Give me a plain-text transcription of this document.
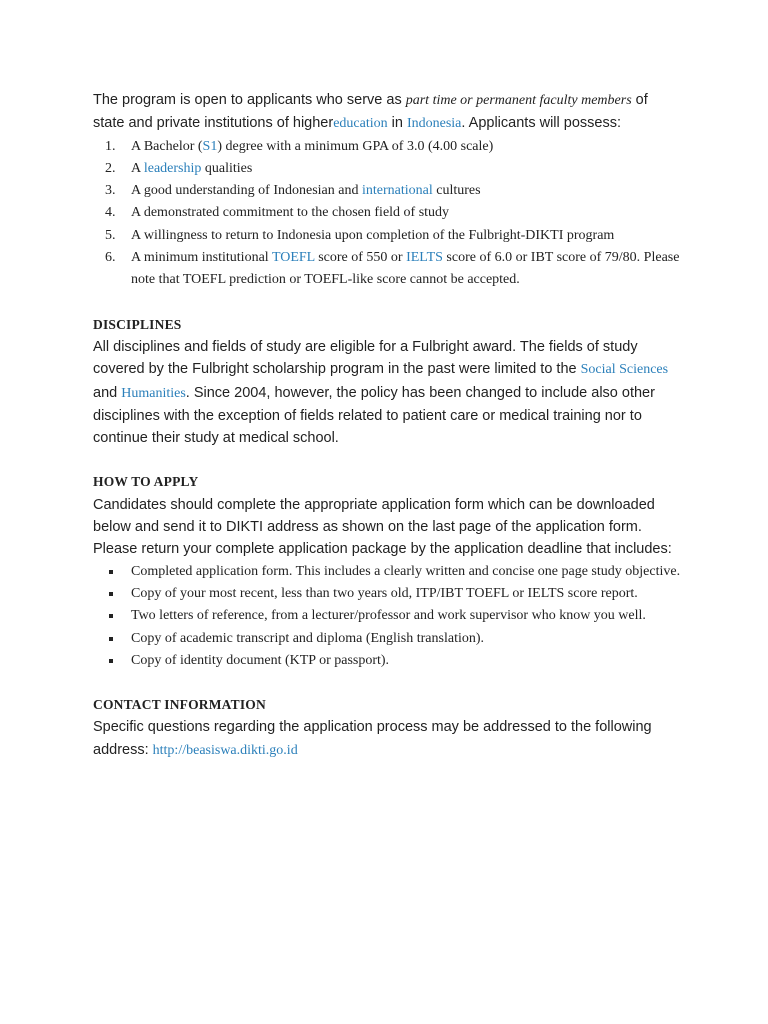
The program is open to applicants who serve as part time or permanent faculty members of state and private institutions of highereducation in Indonesia. Applicants will possess:

1. A Bachelor (S1) degree with a minimum GPA of 3.0 (4.00 scale)
2. A leadership qualities
3. A good understanding of Indonesian and international cultures
4. A demonstrated commitment to the chosen field of study
5. A willingness to return to Indonesia upon completion of the Fulbright-DIKTI program
6. A minimum institutional TOEFL score of 550 or IELTS score of 6.0 or IBT score of 79/80. Please note that TOEFL prediction or TOEFL-like score cannot be accepted.
DISCIPLINES

All disciplines and fields of study are eligible for a Fulbright award. The fields of study covered by the Fulbright scholarship program in the past were limited to the Social Sciences and Humanities. Since 2004, however, the policy has been changed to include also other disciplines with the exception of fields related to patient care or medical training nor to continue their study at medical school.

HOW TO APPLY

Candidates should complete the appropriate application form which can be downloaded below and send it to DIKTI address as shown on the last page of the application form. Please return your complete application package by the application deadline that includes:

Completed application form. This includes a clearly written and concise one page study objective.
Copy of your most recent, less than two years old, ITP/IBT TOEFL or IELTS score report.
Two letters of reference, from a lecturer/professor and work supervisor who know you well.
Copy of academic transcript and diploma (English translation).
Copy of identity document (KTP or passport).
CONTACT INFORMATION

Specific questions regarding the application process may be addressed to the following address: http://beasiswa.dikti.go.id
